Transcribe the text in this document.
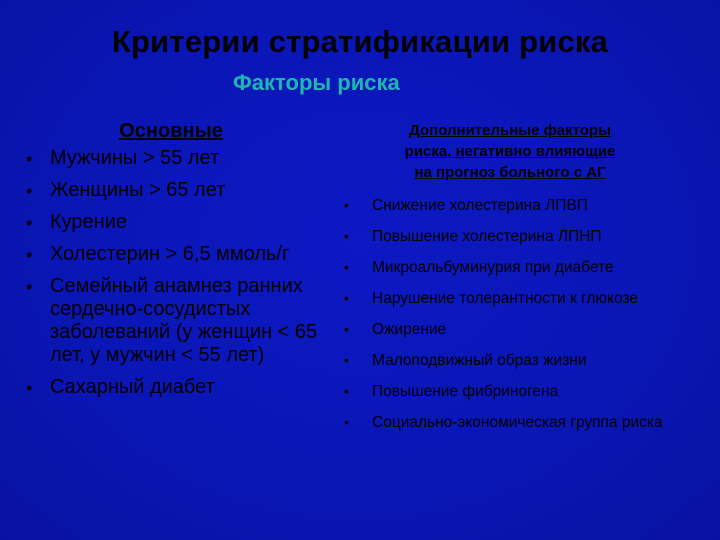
Критерии стратификации риска
Факторы риска
Основные
• Мужчины > 55 лет
• Женщины > 65 лет
• Курение
• Холестерин > 6,5 ммоль/г
• Семейный анамнез ранних сердечно-сосудистых заболеваний (у женщин < 65 лет, у мужчин < 55 лет)
• Сахарный диабет
Дополнительные факторы
риска, негативно влияющие
на прогноз больного с АГ
• Снижение холестерина ЛПВП
• Повышение холестерина ЛПНП
• Микроальбуминурия при диабете
• Нарушение толерантности к глюкозе
• Ожирение
• Малоподвижный образ жизни
• Повышение фибриногена
• Социально-экономическая группа риска
